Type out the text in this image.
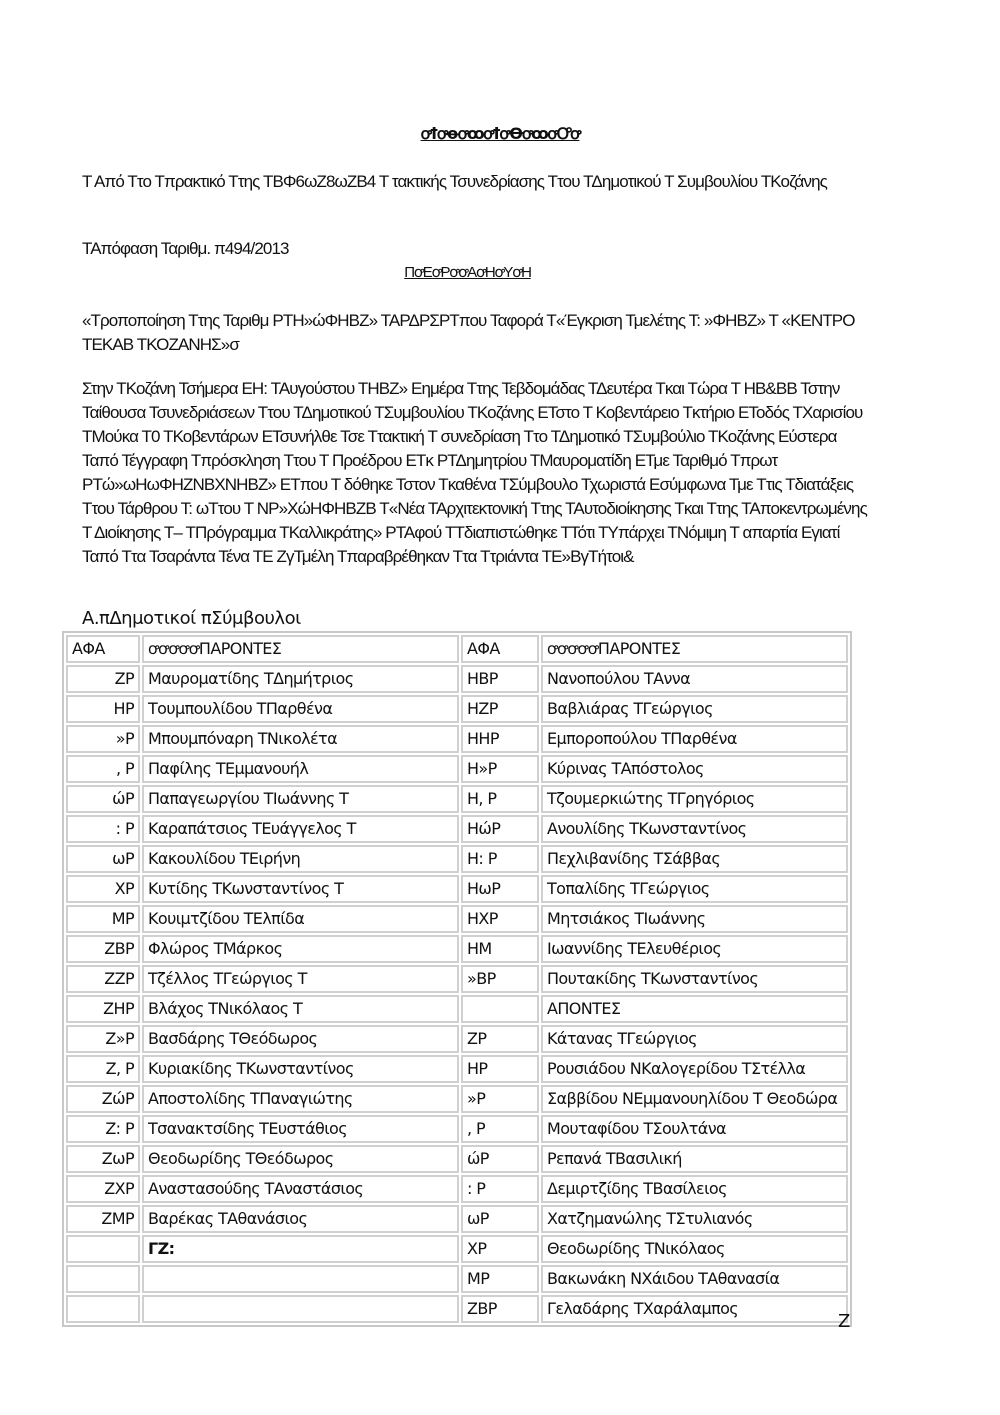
ꝍꝉꝍꝋꝍꝏꝍꝉꝍꝊꝍꝏꝍꝌꝍ
Τ Από Ττο Τπρακτικό Ττης ΤΒΦ6ωΖ8ωΖΒ4 Τ τακτικής Τσυνεδρίασης Ττου ΤΔημοτικού Τ Συμβουλίου ΤΚοζάνης
ΤΑπόφαση Ταριθμ. π494/2013
ΠꝍΕꝍΡꝍꝍΑꝍΗꝍΥꝍΗ
«Τροποποίηση Ττης Ταριθμ ΡΤΗ»ώΦΗΒΖ» ΤΑΡΔΡΣΡΤπου Ταφορά Τ«Έγκριση Τμελέτης Τ: »ΦΗΒΖ» Τ «ΚΕΝΤΡΟ ΤΕΚΑΒ ΤΚΟΖΑΝΗΣ»σ
Στην ΤΚοζάνη Τσήμερα ΕΗ: ΤΑυγούστου ΤΗΒΖ» Εημέρα Ττης Τεβδομάδας ΤΔευτέρα Τκαι Τώρα Τ ΗΒ&ΒΒ Τστην Ταίθουσα Τσυνεδριάσεων Ττου ΤΔημοτικού ΤΣυμβουλίου ΤΚοζάνης ΕΤστο Τ Κοβεντάρειο Τκτήριο ΕΤοδός ΤΧαρισίου ΤΜούκα Τ0 ΤΚοβεντάρων ΕΤσυνήλθε Τσε Ττακτική Τ συνεδρίαση Ττο ΤΔημοτικό ΤΣυμβούλιο ΤΚοζάνης Εύστερα Ταπό Τέγγραφη Τπρόσκληση Ττου Τ Προέδρου ΕΤκ ΡΤΔημητρίου ΤΜαυροματίδη ΕΤμε Ταριθμό Τπρωτ ΡΤώ»ωΗωΦΗΖΝΒΧΝΗΒΖ» ΕΤπου Τ δόθηκε Τστον Τκαθένα ΤΣύμβουλο Τχωριστά Εσύμφωνα Τμε Ττις Τδιατάξεις Ττου Τάρθρου Τ: ωΤτου Τ ΝΡ»ΧώΗΦΗΒΖΒ Τ«Νέα ΤΑρχιτεκτονική Ττης ΤΑυτοδιοίκησης Τκαι Ττης ΤΑποκεντρωμένης Τ Διοίκησης Τ– ΤΠρόγραμμα ΤΚαλλικράτης» ΡΤΑφού ΤΤδιαπιστώθηκε ΤΤότι ΤΥπάρχει ΤΝόμιμη Τ απαρτία Εγιατί Ταπό Ττα Τσαράντα Τένα ΤΕ ΖγΤμέλη Τπαραβρέθηκαν Ττα Ττριάντα ΤΕ»ΒγΤήτοι&
Α.πΔημοτικοί πΣύμβουλοι
ΑΦΑ	ꝍꝍꝍꝍꝍΠΑΡΟΝΤΕΣ	ΑΦΑ	ꝍꝍꝍꝍꝍΠΑΡΟΝΤΕΣ
ΖΡ	Μαυροματίδης ΤΔημήτριος	ΗΒΡ	Νανοπούλου ΤΑννα
ΗΡ	Τουμπουλίδου ΤΠαρθένα	ΗΖΡ	Βαβλιάρας ΤΓεώργιος
»Ρ	Μπουμπόναρη ΤΝικολέτα	ΗΗΡ	Εμποροπούλου ΤΠαρθένα
, Ρ	Παφίλης ΤΕμμανουήλ	Η»Ρ	Κύρινας ΤΑπόστολος
ώΡ	Παπαγεωργίου ΤΙωάννης Τ	Η, Ρ	Τζουμερκιώτης ΤΓρηγόριος
: Ρ	Καραπάτσιος ΤΕυάγγελος Τ	ΗώΡ	Ανουλίδης ΤΚωνσταντίνος
ωΡ	Κακουλίδου ΤΕιρήνη	Η: Ρ	Πεχλιβανίδης ΤΣάββας
ΧΡ	Κυτίδης ΤΚωνσταντίνος Τ	ΗωΡ	Τοπαλίδης ΤΓεώργιος
ΜΡ	Κουιμτζίδου ΤΕλπίδα	ΗΧΡ	Μητσιάκος ΤΙωάννης
ΖΒΡ	Φλώρος ΤΜάρκος	ΗΜ	Ιωαννίδης ΤΕλευθέριος
ΖΖΡ	Τζέλλος ΤΓεώργιος Τ	»ΒΡ	Πουτακίδης ΤΚωνσταντίνος
ΖΗΡ	Βλάχος ΤΝικόλαος Τ		ΑΠΟΝΤΕΣ
Ζ»Ρ	Βασδάρης ΤΘεόδωρος	ΖΡ	Κάτανας ΤΓεώργιος
Ζ, Ρ	Κυριακίδης ΤΚωνσταντίνος	ΗΡ	Ρουσιάδου ΝΚαλογερίδου ΤΣτέλλα
ΖώΡ	Αποστολίδης ΤΠαναγιώτης	»Ρ	Σαββίδου ΝΕμμανουηλίδου Τ Θεοδώρα
Ζ: Ρ	Τσανακτσίδης ΤΕυστάθιος	, Ρ	Μουταφίδου ΤΣουλτάνα
ΖωΡ	Θεοδωρίδης ΤΘεόδωρος	ώΡ	Ρεπανά ΤΒασιλική
ΖΧΡ	Αναστασούδης ΤΑναστάσιος	: Ρ	Δεμιρτζίδης ΤΒασίλειος
ΖΜΡ	Βαρέκας ΤΑθανάσιος	ωΡ	Χατζημανώλης ΤΣτυλιανός
	ΓΖ:	ΧΡ	Θεοδωρίδης ΤΝικόλαος
		ΜΡ	Βακωνάκη ΝΧάιδου ΤΑθανασία
		ΖΒΡ	Γελαδάρης ΤΧαράλαμπος
Z
